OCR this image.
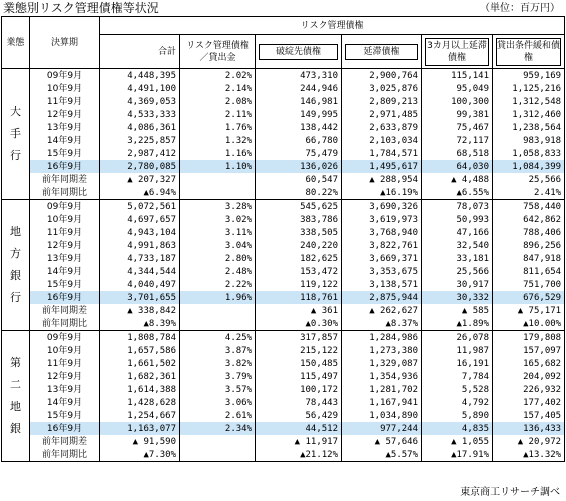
業態別リスク管理債権等状況	（単位：百万円）
業態	決算期	リスク管理債権					
		合計	リスク管理債権／貸出金	破綻先債権	延滞債権	3カ月以上延滞債権	貸出条件緩和債権

大
手
行	09年9月	4,448,395	2.02%	473,310	2,900,764	115,141	959,169
	10年9月	4,491,100	2.14%	244,946	3,025,876	95,049	1,125,216
	11年9月	4,369,053	2.08%	146,981	2,809,213	100,300	1,312,548
	12年9月	4,533,333	2.11%	149,995	2,971,485	99,381	1,312,460
	13年9月	4,086,361	1.76%	138,442	2,633,879	75,467	1,238,564
	14年9月	3,225,857	1.32%	66,780	2,103,034	72,117	983,918
	15年9月	2,987,412	1.16%	75,479	1,784,571	68,518	1,058,833
	16年9月	2,780,085	1.10%	136,026	1,495,617	64,030	1,084,399
	前年同期差	▲ 207,327		60,547	▲ 288,954	▲ 4,488	25,566
	前年同期比	▲6.94%		80.22%	▲16.19%	▲6.55%	2.41%

地
方
銀
行	09年9月	5,072,561	3.28%	545,625	3,690,326	78,073	758,440
	10年9月	4,697,657	3.02%	383,786	3,619,973	50,993	642,862
	11年9月	4,943,104	3.11%	338,505	3,768,940	47,166	788,406
	12年9月	4,991,863	3.04%	240,220	3,822,761	32,540	896,256
	13年9月	4,733,187	2.80%	182,625	3,669,371	33,181	847,918
	14年9月	4,344,544	2.48%	153,472	3,353,675	25,566	811,654
	15年9月	4,040,497	2.22%	119,122	3,138,571	30,917	751,700
	16年9月	3,701,655	1.96%	118,761	2,875,944	30,332	676,529
	前年同期差	▲ 338,842		▲ 361	▲ 262,627	▲ 585	▲ 75,171
	前年同期比	▲8.39%		▲0.30%	▲8.37%	▲1.89%	▲10.00%

第
二
地
銀	09年9月	1,808,784	4.25%	317,857	1,284,986	26,078	179,808
	10年9月	1,657,586	3.87%	215,122	1,273,380	11,987	157,097
	11年9月	1,661,502	3.82%	150,485	1,329,087	16,191	165,682
	12年9月	1,682,361	3.79%	115,497	1,354,936	7,784	204,092
	13年9月	1,614,388	3.57%	100,172	1,281,702	5,528	226,932
	14年9月	1,428,628	3.06%	78,443	1,167,941	4,792	177,402
	15年9月	1,254,667	2.61%	56,429	1,034,890	5,890	157,405
	16年9月	1,163,077	2.34%	44,512	977,244	4,835	136,433
	前年同期差	▲ 91,590		▲ 11,917	▲ 57,646	▲ 1,055	▲ 20,972
	前年同期比	▲7.30%		▲21.12%	▲5.57%	▲17.91%	▲13.32%
東京商工リサーチ調べ
